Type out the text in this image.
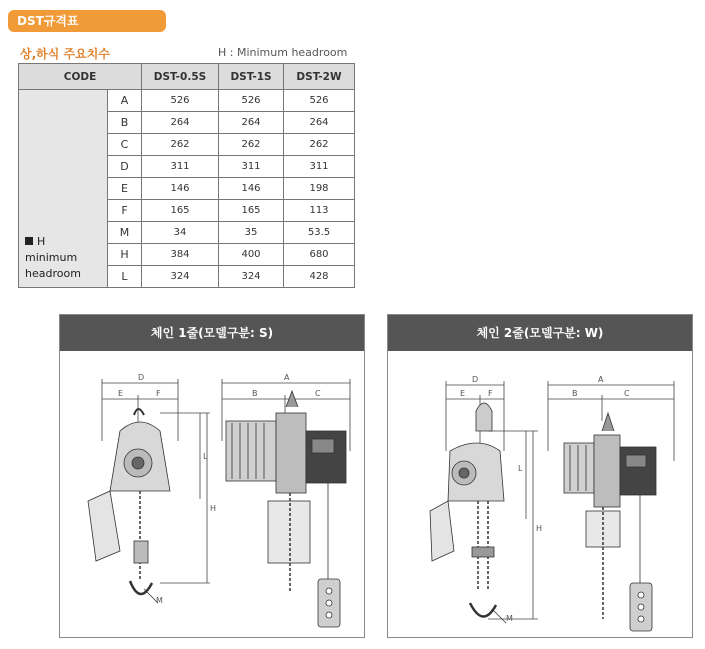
DST규격표
상,하식 주요치수	H : Minimum headroom
CODE		DST-0.5S	DST-1S	DST-2W

H
minimum
headroom	A	526	526	526
	B	264	264	264
	C	262	262	262
	D	311	311	311
	E	146	146	198
	F	165	165	113
	M	34	35	53.5
	H	384	400	680
	L	324	324	428
체인 1줄(모델구분: S)
D
E	F
A
B	C
L
H
M
체인 2줄(모델구분: W)
D
E	F
A
B	C
L
H
M
